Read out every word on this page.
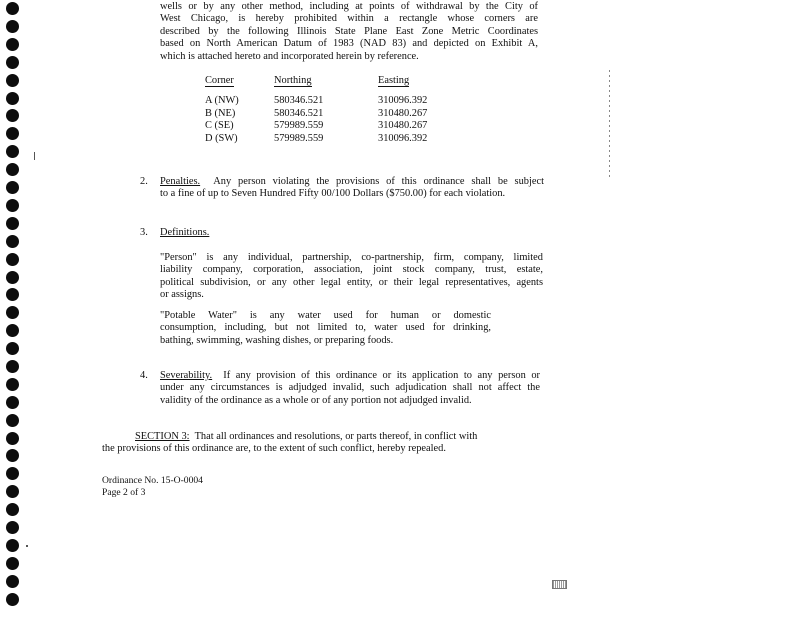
wells or by any other method, including at points of withdrawal by the City of
West Chicago, is hereby prohibited within a rectangle whose corners are
described by the following Illinois State Plane East Zone Metric Coordinates
based on North American Datum of 1983 (NAD 83) and depicted on Exhibit A,
which is attached hereto and incorporated herein by reference.
Corner	Northing	Easting
A (NW)	580346.521	310096.392
B (NE)	580346.521	310480.267
C (SE)	579989.559	310480.267
D (SW)	579989.559	310096.392
2. Penalties. Any person violating the provisions of this ordinance shall be subject
to a fine of up to Seven Hundred Fifty 00/100 Dollars ($750.00) for each violation.
3. Definitions.
"Person" is any individual, partnership, co-partnership, firm, company, limited
liability company, corporation, association, joint stock company, trust, estate,
political subdivision, or any other legal entity, or their legal representatives, agents
or assigns.
"Potable Water" is any water used for human or domestic
consumption, including, but not limited to, water used for drinking,
bathing, swimming, washing dishes, or preparing foods.
4. Severability. If any provision of this ordinance or its application to any person or
under any circumstances is adjudged invalid, such adjudication shall not affect the
validity of the ordinance as a whole or of any portion not adjudged invalid.
SECTION 3: That all ordinances and resolutions, or parts thereof, in conflict with
the provisions of this ordinance are, to the extent of such conflict, hereby repealed.
Ordinance No. 15-O-0004
Page 2 of 3
